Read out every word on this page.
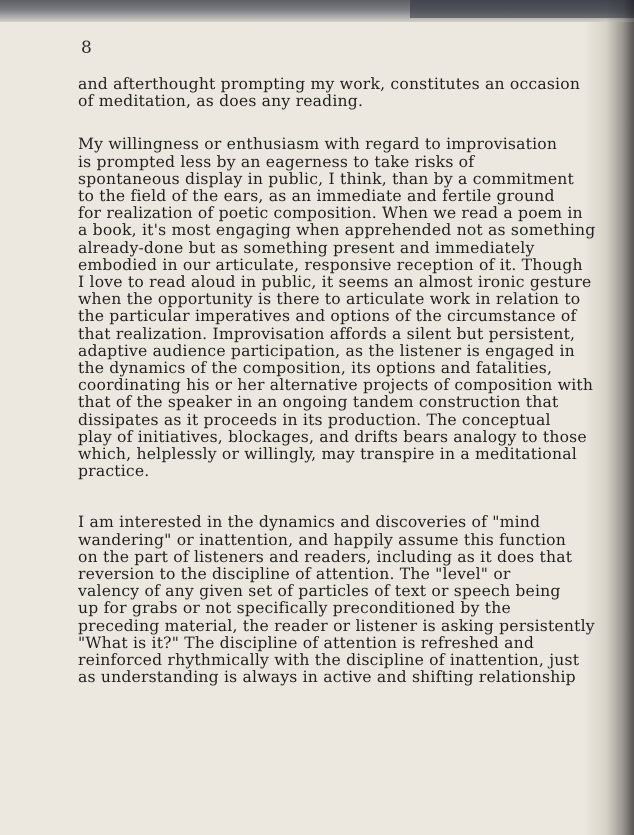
8

and afterthought prompting my work, constitutes an occasion
of meditation, as does any reading.

My willingness or enthusiasm with regard to improvisation
is prompted less by an eagerness to take risks of
spontaneous display in public, I think, than by a commitment
to the field of the ears, as an immediate and fertile ground
for realization of poetic composition. When we read a poem in
a book, it's most engaging when apprehended not as something
already-done but as something present and immediately
embodied in our articulate, responsive reception of it. Though
I love to read aloud in public, it seems an almost ironic gesture
when the opportunity is there to articulate work in relation to
the particular imperatives and options of the circumstance of
that realization. Improvisation affords a silent but persistent,
adaptive audience participation, as the listener is engaged in
the dynamics of the composition, its options and fatalities,
coordinating his or her alternative projects of composition with
that of the speaker in an ongoing tandem construction that
dissipates as it proceeds in its production. The conceptual
play of initiatives, blockages, and drifts bears analogy to those
which, helplessly or willingly, may transpire in a meditational
practice.

I am interested in the dynamics and discoveries of "mind
wandering" or inattention, and happily assume this function
on the part of listeners and readers, including as it does that
reversion to the discipline of attention. The "level" or
valency of any given set of particles of text or speech being
up for grabs or not specifically preconditioned by the
preceding material, the reader or listener is asking persistently
"What is it?" The discipline of attention is refreshed and
reinforced rhythmically with the discipline of inattention, just
as understanding is always in active and shifting relationship
